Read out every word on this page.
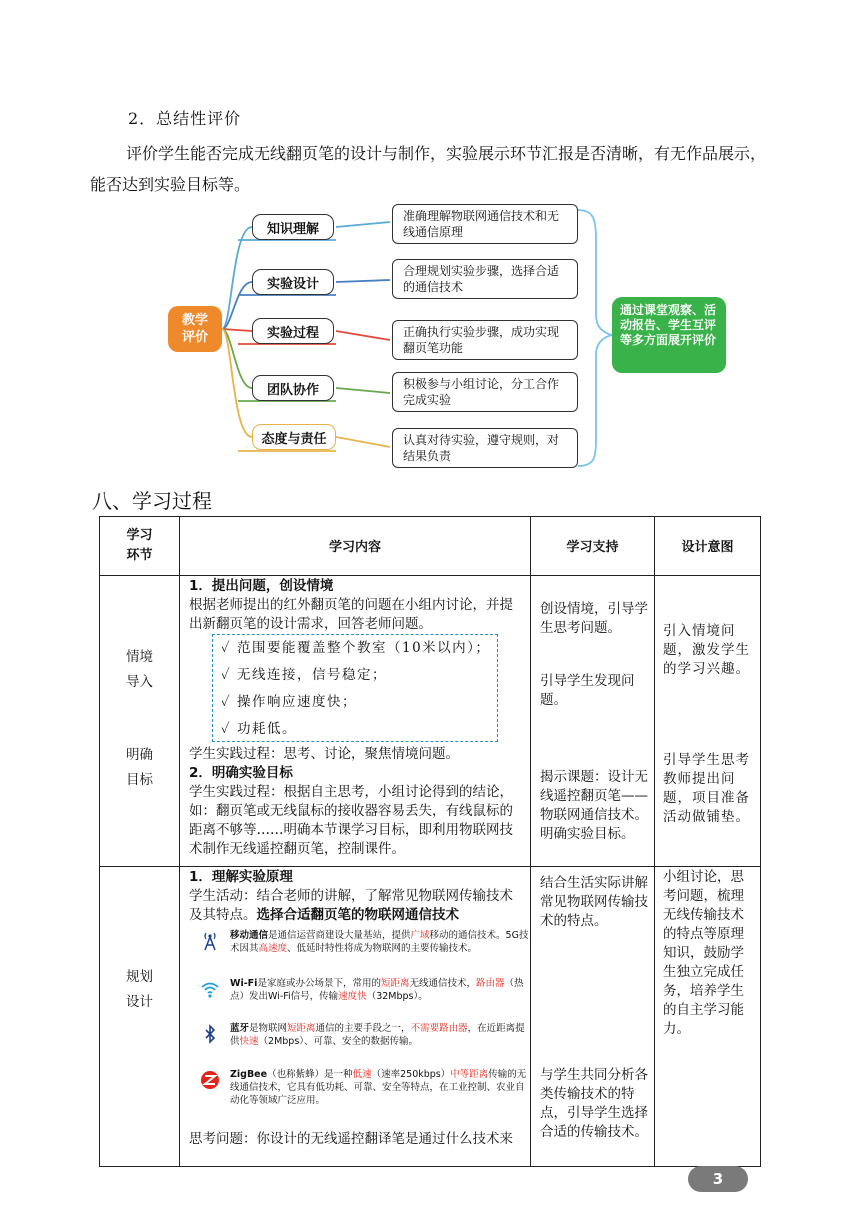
2．总结性评价
评价学生能否完成无线翻页笔的设计与制作，实验展示环节汇报是否清晰，有无作品展示，能否达到实验目标等。
教学
评价
知识理解
实验设计
实验过程
团队协作
态度与责任
准确理解物联网通信技术和无线通信原理
合理规划实验步骤，选择合适的通信技术
正确执行实验步骤，成功实现翻页笔功能
积极参与小组讨论，分工合作完成实验
认真对待实验，遵守规则，对结果负责
通过课堂观察、活动报告、学生互评等多方面展开评价
八、学习过程
学习
环节
学习内容	学习支持	设计意图
情境
导入
明确
目标
1．提出问题，创设情境
根据老师提出的红外翻页笔的问题在小组内讨论，并提出新翻页笔的设计需求，回答老师问题。
✓ 范围要能覆盖整个教室（10米以内）；
✓ 无线连接，信号稳定；
✓ 操作响应速度快；
✓ 功耗低。
学生实践过程：思考、讨论，聚焦情境问题。
2．明确实验目标
学生实践过程：根据自主思考，小组讨论得到的结论，如：翻页笔或无线鼠标的接收器容易丢失，有线鼠标的距离不够等……明确本节课学习目标，即利用物联网技术制作无线遥控翻页笔，控制课件。
创设情境，引导学生思考问题。
引导学生发现问题。
揭示课题：设计无线遥控翻页笔——物联网通信技术。明确实验目标。
引入情境问题，激发学生的学习兴趣。
引导学生思考教师提出问题，项目准备活动做铺垫。
规划
设计
1．理解实验原理
学生活动：结合老师的讲解，了解常见物联网传输技术及其特点。选择合适翻页笔的物联网通信技术
移动通信是通信运营商建设大量基站，提供广域移动的通信技术。5G技术因其高速度、低延时特性将成为物联网的主要传输技术。
Wi-Fi是家庭或办公场景下，常用的短距离无线通信技术，路由器（热点）发出Wi-Fi信号，传输速度快（32Mbps）。
蓝牙是物联网短距离通信的主要手段之一，不需要路由器，在近距离提供快速（2Mbps）、可靠、安全的数据传输。
ZigBee（也称紫蜂）是一种低速（速率250kbps）中等距离传输的无线通信技术，它具有低功耗、可靠、安全等特点，在工业控制、农业自动化等领域广泛应用。
思考问题：你设计的无线遥控翻译笔是通过什么技术来
结合生活实际讲解常见物联网传输技术的特点。
与学生共同分析各类传输技术的特点，引导学生选择合适的传输技术。
小组讨论，思考问题，梳理无线传输技术的特点等原理知识，鼓励学生独立完成任务，培养学生的自主学习能力。
3
